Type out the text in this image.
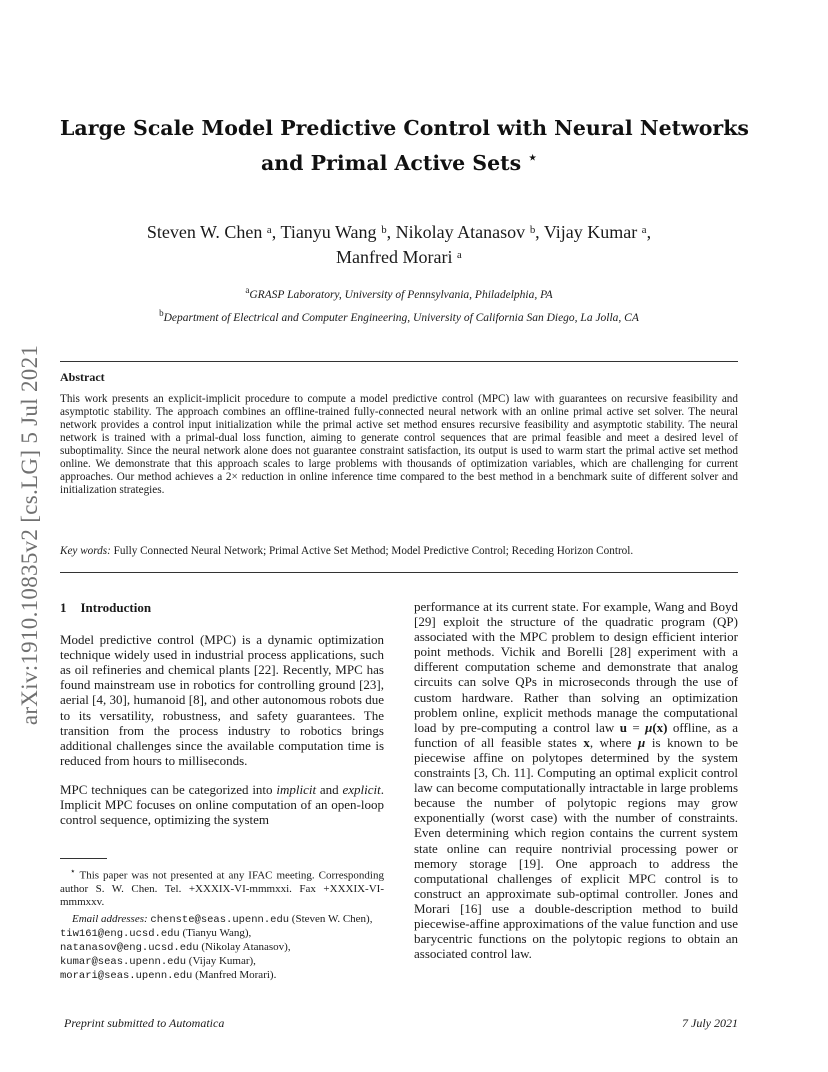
arXiv:1910.10835v2 [cs.LG] 5 Jul 2021
Large Scale Model Predictive Control with Neural Networks
and Primal Active Sets ⋆
Steven W. Chen ᵃ, Tianyu Wang ᵇ, Nikolay Atanasov ᵇ, Vijay Kumar ᵃ,
Manfred Morari ᵃ
$^a$GRASP Laboratory, University of Pennsylvania, Philadelphia, PA
$^b$Department of Electrical and Computer Engineering, University of California San Diego, La Jolla, CA
Abstract
This work presents an explicit-implicit procedure to compute a model predictive control (MPC) law with guarantees on recursive feasibility and asymptotic stability. The approach combines an offline-trained fully-connected neural network with an online primal active set solver. The neural network provides a control input initialization while the primal active set method ensures recursive feasibility and asymptotic stability. The neural network is trained with a primal-dual loss function, aiming to generate control sequences that are primal feasible and meet a desired level of suboptimality. Since the neural network alone does not guarantee constraint satisfaction, its output is used to warm start the primal active set method online. We demonstrate that this approach scales to large problems with thousands of optimization variables, which are challenging for current approaches. Our method achieves a 2× reduction in online inference time compared to the best method in a benchmark suite of different solver and initialization strategies.
Key words: Fully Connected Neural Network; Primal Active Set Method; Model Predictive Control; Receding Horizon Control.
1 Introduction
Model predictive control (MPC) is a dynamic optimization technique widely used in industrial process applications, such as oil refineries and chemical plants [22]. Recently, MPC has found mainstream use in robotics for controlling ground [23], aerial [4, 30], humanoid [8], and other autonomous robots due to its versatility, robustness, and safety guarantees. The transition from the process industry to robotics brings additional challenges since the available computation time is reduced from hours to milliseconds.
MPC techniques can be categorized into implicit and explicit. Implicit MPC focuses on online computation of an open-loop control sequence, optimizing the system

⋆ This paper was not presented at any IFAC meeting. Corresponding author S. W. Chen. Tel. +XXXIX-VI-mmmxxi. Fax +XXXIX-VI-mmmxxv.

Email addresses: chenste@seas.upenn.edu (Steven W. Chen), tiw161@eng.ucsd.edu (Tianyu Wang), natanasov@eng.ucsd.edu (Nikolay Atanasov), kumar@seas.upenn.edu (Vijay Kumar), morari@seas.upenn.edu (Manfred Morari).

performance at its current state. For example, Wang and Boyd [29] exploit the structure of the quadratic program (QP) associated with the MPC problem to design efficient interior point methods. Vichik and Borelli [28] experiment with a different computation scheme and demonstrate that analog circuits can solve QPs in microseconds through the use of custom hardware. Rather than solving an optimization problem online, explicit methods manage the computational load by pre-computing a control law u = μ(x) offline, as a function of all feasible states x, where μ is known to be piecewise affine on polytopes determined by the system constraints [3, Ch. 11]. Computing an optimal explicit control law can become computationally intractable in large problems because the number of polytopic regions may grow exponentially (worst case) with the number of constraints. Even determining which region contains the current system state online can require nontrivial processing power or memory storage [19]. One approach to address the computational challenges of explicit MPC control is to construct an approximate sub-optimal controller. Jones and Morari [16] use a double-description method to build piecewise-affine approximations of the value function and use barycentric functions on the polytopic regions to obtain an associated control law.
Preprint submitted to Automatica	7 July 2021
